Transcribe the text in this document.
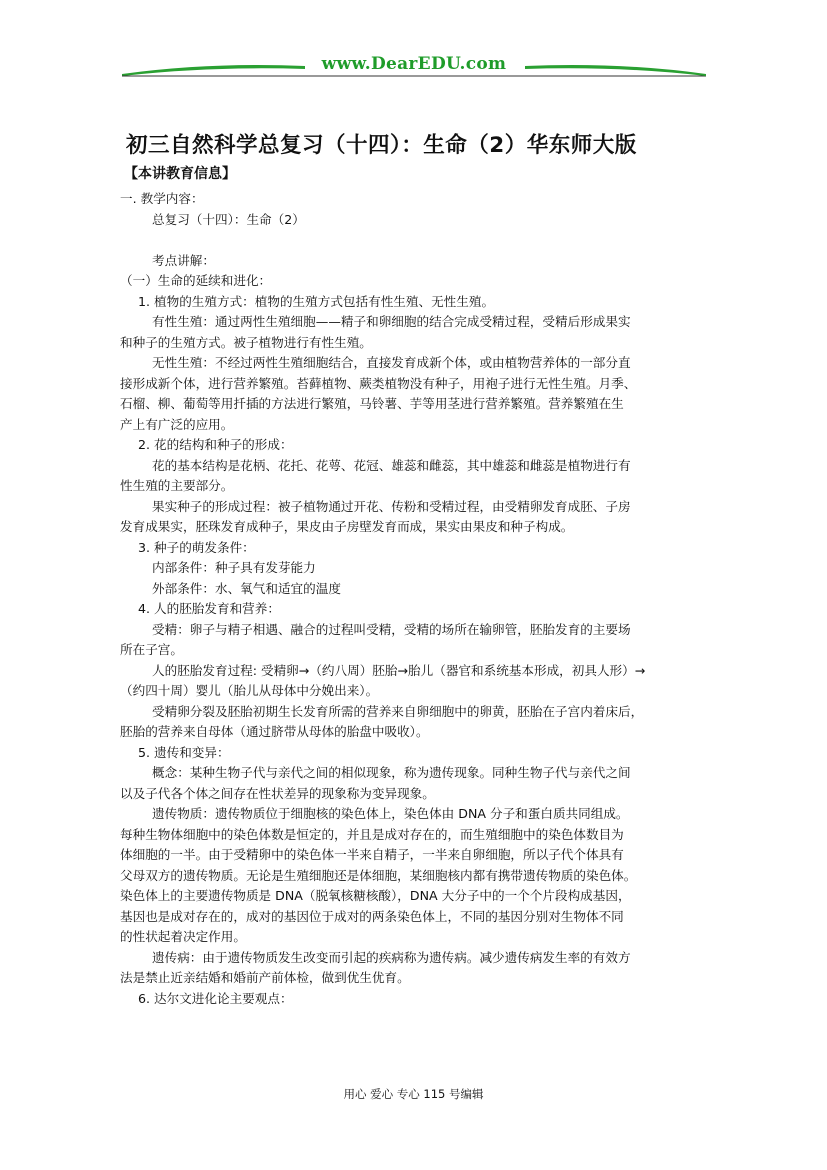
www.DearEDU.com
初三自然科学总复习（十四）：生命（2）华东师大版
【本讲教育信息】

一. 教学内容：

总复习（十四）：生命（2）

考点讲解：

（一）生命的延续和进化：

1. 植物的生殖方式：植物的生殖方式包括有性生殖、无性生殖。

有性生殖：通过两性生殖细胞——精子和卵细胞的结合完成受精过程，受精后形成果实

和种子的生殖方式。被子植物进行有性生殖。

无性生殖：不经过两性生殖细胞结合，直接发育成新个体，或由植物营养体的一部分直

接形成新个体，进行营养繁殖。苔藓植物、蕨类植物没有种子，用袍子进行无性生殖。月季、

石榴、柳、葡萄等用扦插的方法进行繁殖，马铃薯、芋等用茎进行营养繁殖。营养繁殖在生

产上有广泛的应用。

2. 花的结构和种子的形成：

花的基本结构是花柄、花托、花萼、花冠、雄蕊和雌蕊，其中雄蕊和雌蕊是植物进行有

性生殖的主要部分。

果实种子的形成过程：被子植物通过开花、传粉和受精过程，由受精卵发育成胚、子房

发育成果实，胚珠发育成种子，果皮由子房壁发育而成，果实由果皮和种子构成。

3. 种子的萌发条件：

内部条件：种子具有发芽能力

外部条件：水、氧气和适宜的温度

4. 人的胚胎发育和营养：

受精：卵子与精子相遇、融合的过程叫受精，受精的场所在输卵管，胚胎发育的主要场

所在子宫。

人的胚胎发育过程: 受精卵→（约八周）胚胎→胎儿（器官和系统基本形成，初具人形）→

（约四十周）婴儿（胎儿从母体中分娩出来）。

受精卵分裂及胚胎初期生长发育所需的营养来自卵细胞中的卵黄，胚胎在子宫内着床后，

胚胎的营养来自母体（通过脐带从母体的胎盘中吸收）。

5. 遗传和变异：

概念：某种生物子代与亲代之间的相似现象，称为遗传现象。同种生物子代与亲代之间

以及子代各个体之间存在性状差异的现象称为变异现象。

遗传物质：遗传物质位于细胞核的染色体上，染色体由 DNA 分子和蛋白质共同组成。

每种生物体细胞中的染色体数是恒定的，并且是成对存在的，而生殖细胞中的染色体数目为

体细胞的一半。由于受精卵中的染色体一半来自精子，一半来自卵细胞，所以子代个体具有

父母双方的遗传物质。无论是生殖细胞还是体细胞，某细胞核内都有携带遗传物质的染色体。

染色体上的主要遗传物质是 DNA（脱氧核糖核酸），DNA 大分子中的一个个片段构成基因，

基因也是成对存在的，成对的基因位于成对的两条染色体上，不同的基因分别对生物体不同

的性状起着决定作用。

遗传病：由于遗传物质发生改变而引起的疾病称为遗传病。减少遗传病发生率的有效方

法是禁止近亲结婚和婚前产前体检，做到优生优育。

6. 达尔文进化论主要观点：

用心 爱心 专心 115 号编辑
